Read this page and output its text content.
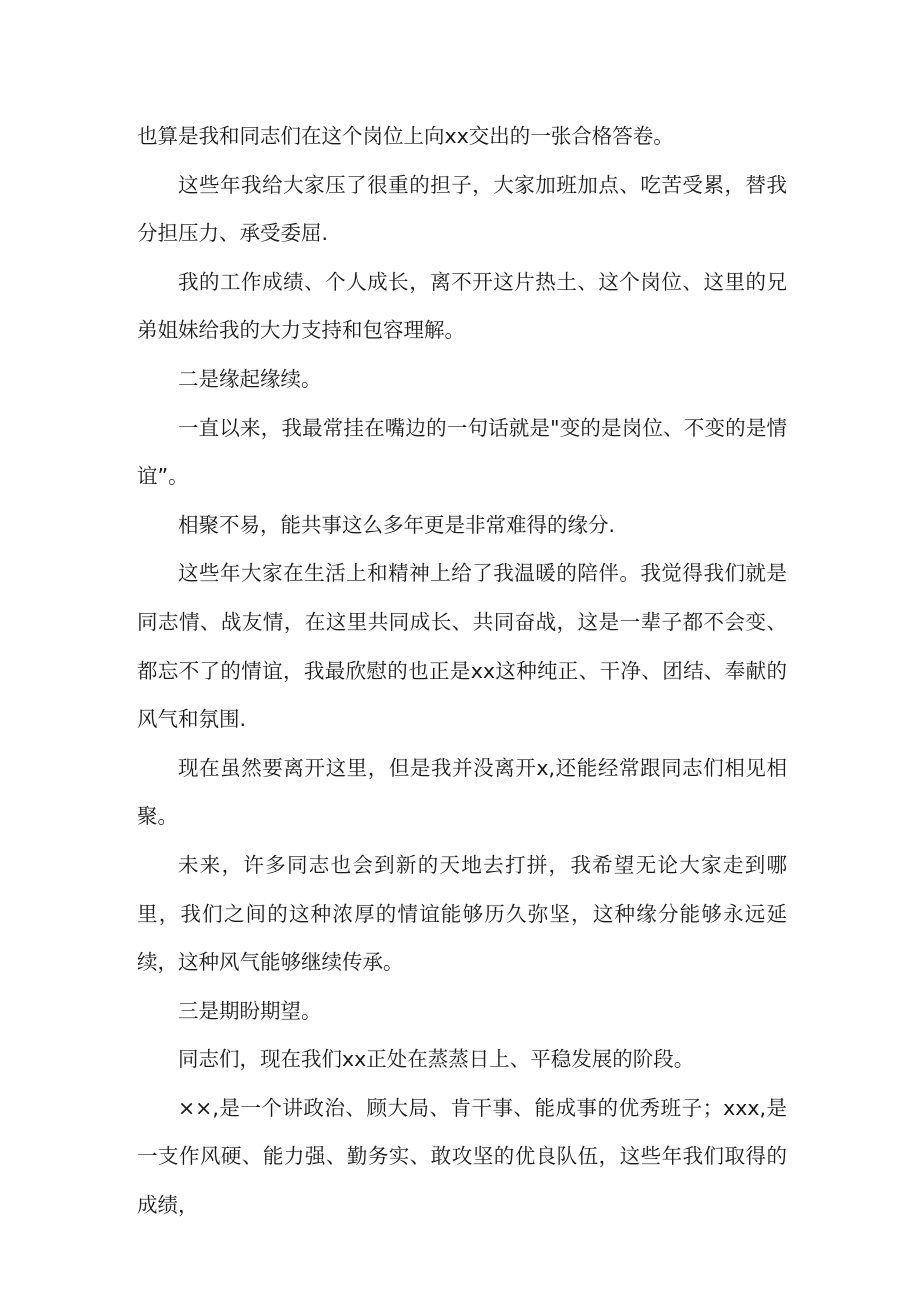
也算是我和同志们在这个岗位上向xx交出的一张合格答卷。

这些年我给大家压了很重的担子，大家加班加点、吃苦受累，替我分担压力、承受委屈.

我的工作成绩、个人成长，离不开这片热土、这个岗位、这里的兄弟姐妹给我的大力支持和包容理解。

二是缘起缘续。

一直以来，我最常挂在嘴边的一句话就是"变的是岗位、不变的是情谊”。

相聚不易，能共事这么多年更是非常难得的缘分.

这些年大家在生活上和精神上给了我温暖的陪伴。我觉得我们就是同志情、战友情，在这里共同成长、共同奋战，这是一辈子都不会变、都忘不了的情谊，我最欣慰的也正是xx这种纯正、干净、团结、奉献的风气和氛围.

现在虽然要离开这里，但是我并没离开x,还能经常跟同志们相见相聚。

未来，许多同志也会到新的天地去打拼，我希望无论大家走到哪里，我们之间的这种浓厚的情谊能够历久弥坚，这种缘分能够永远延续，这种风气能够继续传承。

三是期盼期望。

同志们，现在我们xx正处在蒸蒸日上、平稳发展的阶段。

××,是一个讲政治、顾大局、肯干事、能成事的优秀班子；xxx,是一支作风硬、能力强、勤务实、敢攻坚的优良队伍，这些年我们取得的成绩，
